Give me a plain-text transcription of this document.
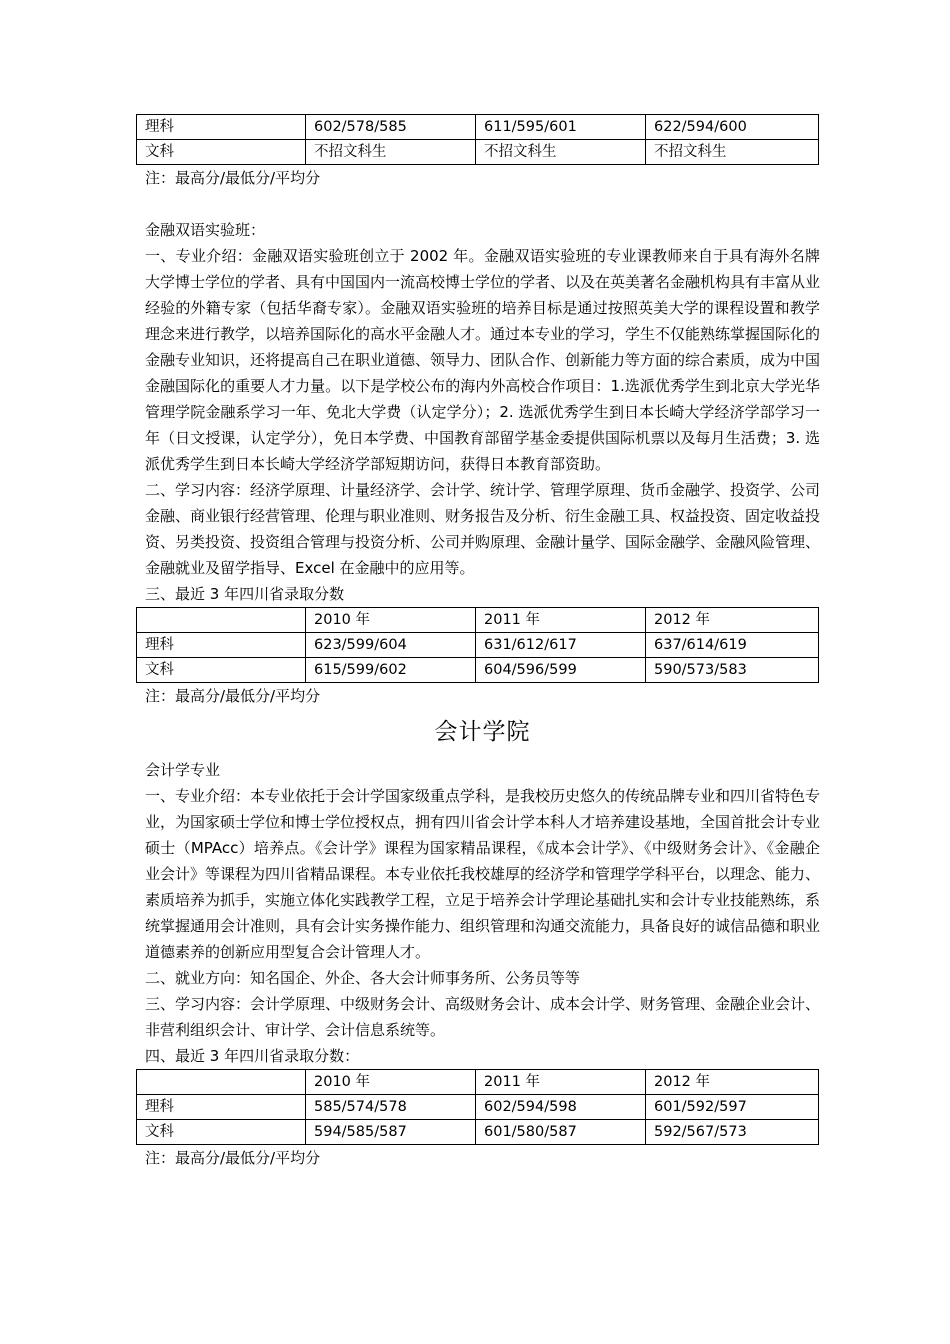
理科	602/578/585	611/595/601	622/594/600
文科	不招文科生	不招文科生	不招文科生
注：最高分/最低分/平均分
金融双语实验班：
一、专业介绍：金融双语实验班创立于 2002 年。金融双语实验班的专业课教师来自于具有海外名牌大学博士学位的学者、具有中国国内一流高校博士学位的学者、以及在英美著名金融机构具有丰富从业经验的外籍专家（包括华裔专家）。金融双语实验班的培养目标是通过按照英美大学的课程设置和教学理念来进行教学，以培养国际化的高水平金融人才。通过本专业的学习，学生不仅能熟练掌握国际化的金融专业知识，还将提高自己在职业道德、领导力、团队合作、创新能力等方面的综合素质，成为中国金融国际化的重要人才力量。以下是学校公布的海内外高校合作项目：1.选派优秀学生到北京大学光华管理学院金融系学习一年、免北大学费（认定学分）；2. 选派优秀学生到日本长崎大学经济学部学习一年（日文授课，认定学分），免日本学费、中国教育部留学基金委提供国际机票以及每月生活费；3. 选派优秀学生到日本长崎大学经济学部短期访问，获得日本教育部资助。
二、学习内容：经济学原理、计量经济学、会计学、统计学、管理学原理、货币金融学、投资学、公司金融、商业银行经营管理、伦理与职业准则、财务报告及分析、衍生金融工具、权益投资、固定收益投资、另类投资、投资组合管理与投资分析、公司并购原理、金融计量学、国际金融学、金融风险管理、金融就业及留学指导、Excel 在金融中的应用等。
三、最近 3 年四川省录取分数
	2010 年	2011 年	2012 年
理科	623/599/604	631/612/617	637/614/619
文科	615/599/602	604/596/599	590/573/583
注：最高分/最低分/平均分
会计学院
会计学专业
一、专业介绍：本专业依托于会计学国家级重点学科，是我校历史悠久的传统品牌专业和四川省特色专业，为国家硕士学位和博士学位授权点，拥有四川省会计学本科人才培养建设基地，全国首批会计专业硕士（MPAcc）培养点。《会计学》课程为国家精品课程，《成本会计学》、《中级财务会计》、《金融企业会计》等课程为四川省精品课程。本专业依托我校雄厚的经济学和管理学学科平台，以理念、能力、素质培养为抓手，实施立体化实践教学工程，立足于培养会计学理论基础扎实和会计专业技能熟练，系统掌握通用会计准则，具有会计实务操作能力、组织管理和沟通交流能力，具备良好的诚信品德和职业道德素养的创新应用型复合会计管理人才。
二、就业方向：知名国企、外企、各大会计师事务所、公务员等等
三、学习内容：会计学原理、中级财务会计、高级财务会计、成本会计学、财务管理、金融企业会计、非营利组织会计、审计学、会计信息系统等。
四、最近 3 年四川省录取分数：
	2010 年	2011 年	2012 年
理科	585/574/578	602/594/598	601/592/597
文科	594/585/587	601/580/587	592/567/573
注：最高分/最低分/平均分
